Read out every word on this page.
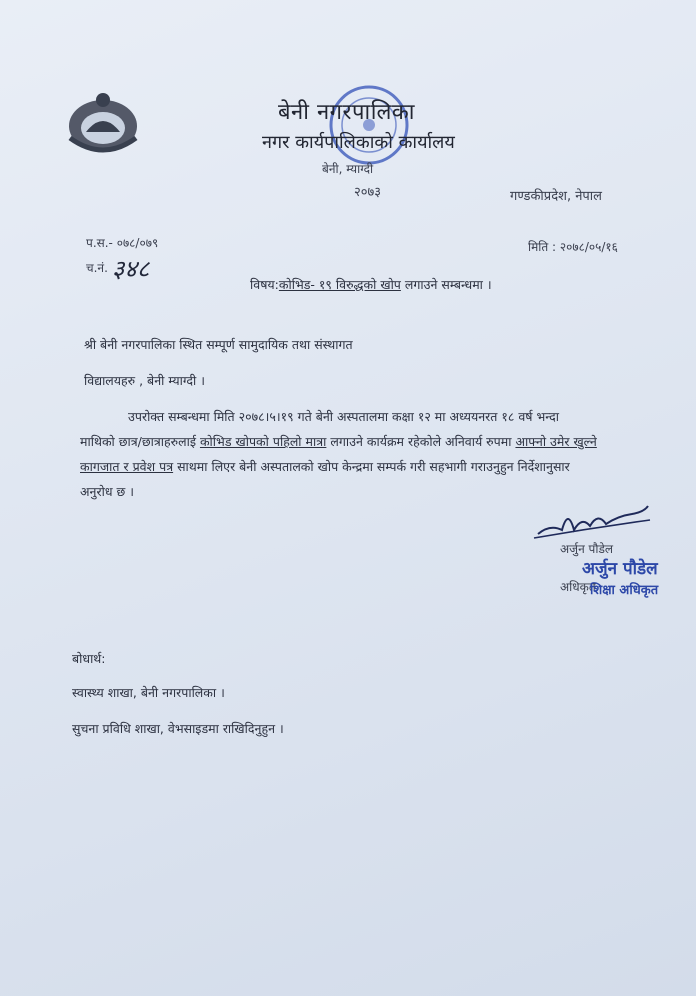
बेनी नगरपालिका
नगर कार्यपालिकाको कार्यालय
बेनी, म्याग्दी
२०७३	गण्डकीप्रदेश, नेपाल
प.स.- ०७८/०७९
च.नं. ३४८
मिति : २०७८/०५/१६
विषय:कोभिड- १९ विरुद्धको खोप लगाउने सम्बन्धमा ।
श्री बेनी नगरपालिका स्थित सम्पूर्ण सामुदायिक तथा संस्थागत
विद्यालयहरु , बेनी म्याग्दी ।

उपरोक्त सम्बन्धमा मिति २०७८।५।१९ गते बेनी अस्पतालमा कक्षा १२ मा अध्ययनरत १८ वर्ष भन्दा

माथिको छात्र/छात्राहरुलाई कोभिड खोपको पहिलो मात्रा लगाउने कार्यक्रम रहेकोले अनिवार्य रुपमा आफ्नो उमेर खुल्ने

कागजात र प्रवेश पत्र साथमा लिएर बेनी अस्पतालको खोप केन्द्रमा सम्पर्क गरी सहभागी गराउनुहुन निर्देशानुसार

अनुरोध छ ।

अर्जुन पौडेल
अर्जुन पौडेल
अधिकृत
शिक्षा अधिकृत
बोधार्थ:
स्वास्थ्य शाखा, बेनी नगरपालिका ।
सुचना प्रविधि शाखा, वेभसाइडमा राखिदिनुहुन ।
